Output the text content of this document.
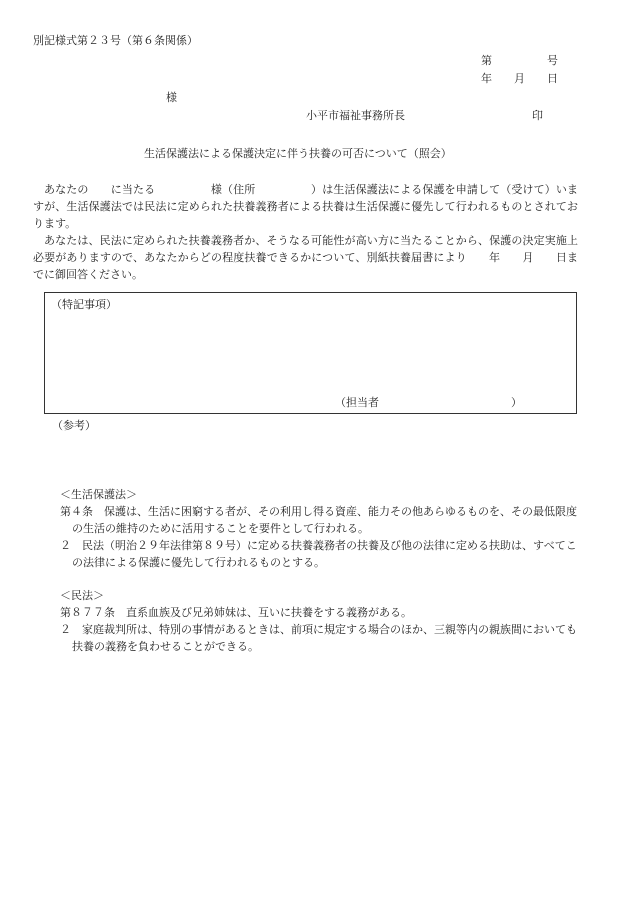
別記様式第２３号（第６条関係）
第　　　　　号
年　　月　　日
様
小平市福祉事務所長	印
生活保護法による保護決定に伴う扶養の可否について（照会）

あなたの　　に当たる　　　　　様（住所　　　　　）は生活保護法による保護を申請して（受けて）いますが、生活保護法では民法に定められた扶養義務者による扶養は生活保護に優先して行われるものとされております。

あなたは、民法に定められた扶養義務者か、そうなる可能性が高い方に当たることから、保護の決定実施上必要がありますので、あなたからどの程度扶養できるかについて、別紙扶養届書により　　年　　月　　日までに御回答ください。

（特記事項）
（担当者　　　　　　　　　　　　）
（参考）
＜生活保護法＞
第４条　保護は、生活に困窮する者が、その利用し得る資産、能力その他あらゆるものを、その最低限度の生活の維持のために活用することを要件として行われる。
２　民法（明治２９年法律第８９号）に定める扶養義務者の扶養及び他の法律に定める扶助は、すべてこの法律による保護に優先して行われるものとする。
＜民法＞
第８７７条　直系血族及び兄弟姉妹は、互いに扶養をする義務がある。
２　家庭裁判所は、特別の事情があるときは、前項に規定する場合のほか、三親等内の親族間においても扶養の義務を負わせることができる。
